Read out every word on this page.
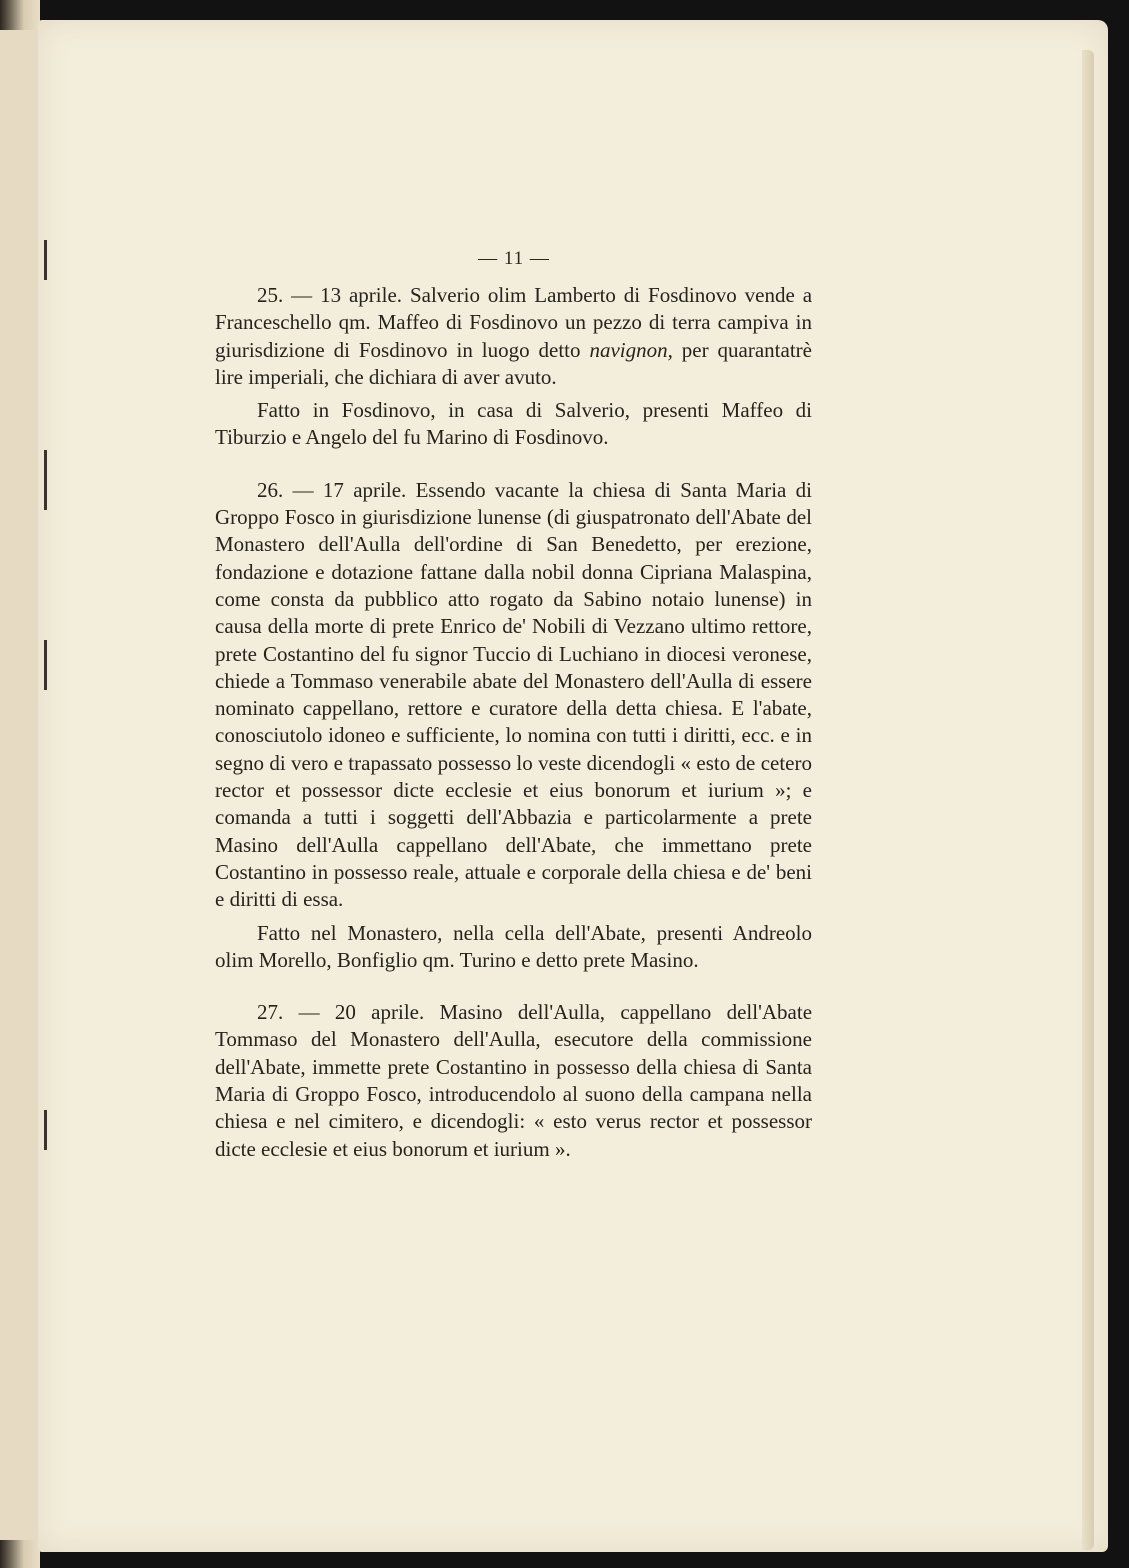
— 11 —

25. — 13 aprile. Salverio olim Lamberto di Fosdinovo vende a Franceschello qm. Maffeo di Fosdinovo un pezzo di terra campiva in giurisdizione di Fosdinovo in luogo detto navignon, per quarantatrè lire imperiali, che dichiara di aver avuto.

Fatto in Fosdinovo, in casa di Salverio, presenti Maffeo di Tiburzio e Angelo del fu Marino di Fosdinovo.

26. — 17 aprile. Essendo vacante la chiesa di Santa Maria di Groppo Fosco in giurisdizione lunense (di giuspatronato dell'Abate del Monastero dell'Aulla dell'ordine di San Benedetto, per erezione, fondazione e dotazione fattane dalla nobil donna Cipriana Malaspina, come consta da pubblico atto rogato da Sabino notaio lunense) in causa della morte di prete Enrico de' Nobili di Vezzano ultimo rettore, prete Costantino del fu signor Tuccio di Luchiano in diocesi veronese, chiede a Tommaso venerabile abate del Monastero dell'Aulla di essere nominato cappellano, rettore e curatore della detta chiesa. E l'abate, conosciutolo idoneo e sufficiente, lo nomina con tutti i diritti, ecc. e in segno di vero e trapassato possesso lo veste dicendogli « esto de cetero rector et possessor dicte ecclesie et eius bonorum et iurium »; e comanda a tutti i soggetti dell'Abbazia e particolarmente a prete Masino dell'Aulla cappellano dell'Abate, che immettano prete Costantino in possesso reale, attuale e corporale della chiesa e de' beni e diritti di essa.

Fatto nel Monastero, nella cella dell'Abate, presenti Andreolo olim Morello, Bonfiglio qm. Turino e detto prete Masino.

27. — 20 aprile. Masino dell'Aulla, cappellano dell'Abate Tommaso del Monastero dell'Aulla, esecutore della commissione dell'Abate, immette prete Costantino in possesso della chiesa di Santa Maria di Groppo Fosco, introducendolo al suono della campana nella chiesa e nel cimitero, e dicendogli: « esto verus rector et possessor dicte ecclesie et eius bonorum et iurium ».
